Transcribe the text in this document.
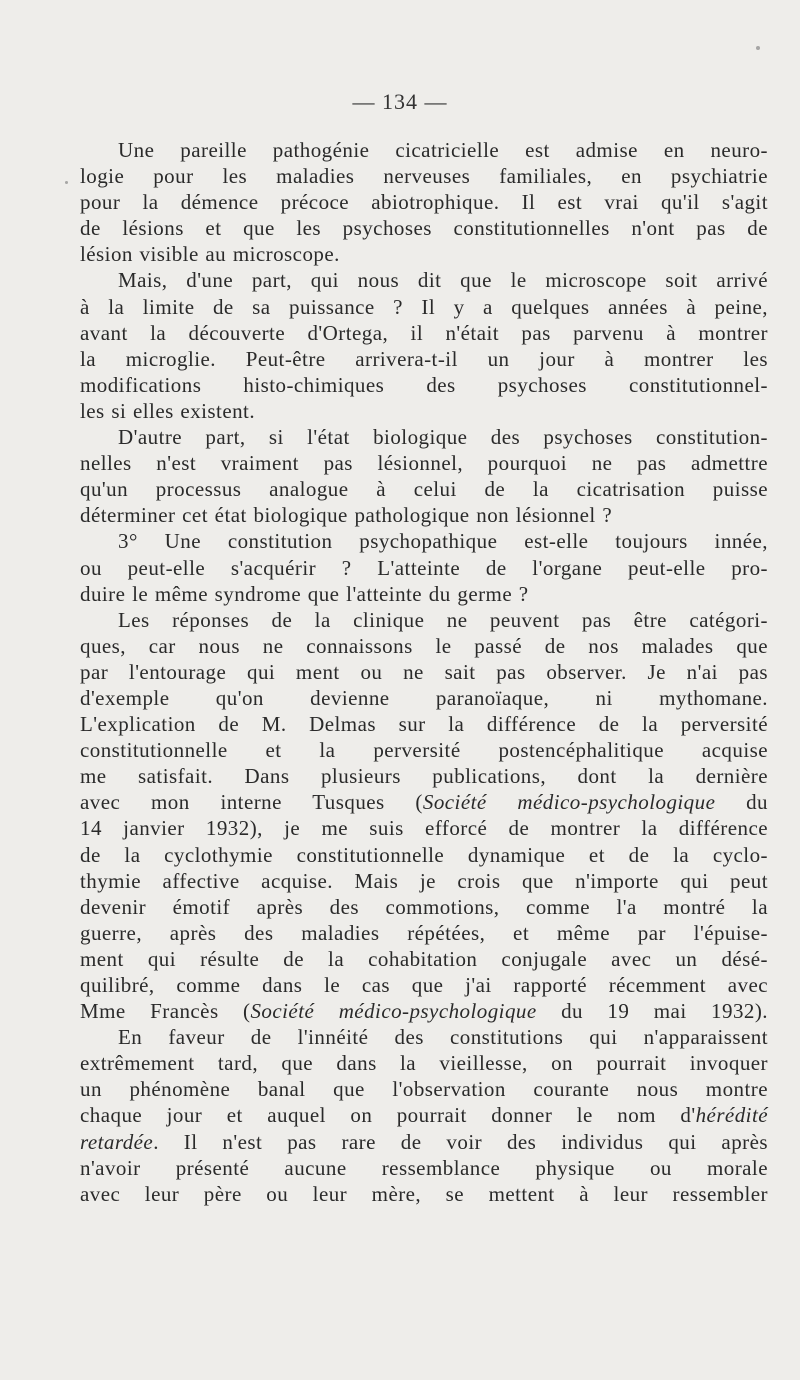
— 134 —
Une pareille pathogénie cicatricielle est admise en neuro-
logie pour les maladies nerveuses familiales, en psychiatrie
pour la démence précoce abiotrophique. Il est vrai qu'il s'agit
de lésions et que les psychoses constitutionnelles n'ont pas de
lésion visible au microscope.
Mais, d'une part, qui nous dit que le microscope soit arrivé
à la limite de sa puissance ? Il y a quelques années à peine,
avant la découverte d'Ortega, il n'était pas parvenu à montrer
la microglie. Peut-être arrivera-t-il un jour à montrer les
modifications histo-chimiques des psychoses constitutionnel-
les si elles existent.
D'autre part, si l'état biologique des psychoses constitution-
nelles n'est vraiment pas lésionnel, pourquoi ne pas admettre
qu'un processus analogue à celui de la cicatrisation puisse
déterminer cet état biologique pathologique non lésionnel ?
3° Une constitution psychopathique est-elle toujours innée,
ou peut-elle s'acquérir ? L'atteinte de l'organe peut-elle pro-
duire le même syndrome que l'atteinte du germe ?
Les réponses de la clinique ne peuvent pas être catégori-
ques, car nous ne connaissons le passé de nos malades que
par l'entourage qui ment ou ne sait pas observer. Je n'ai pas
d'exemple qu'on devienne paranoïaque, ni mythomane.
L'explication de M. Delmas sur la différence de la perversité
constitutionnelle et la perversité postencéphalitique acquise
me satisfait. Dans plusieurs publications, dont la dernière
avec mon interne Tusques (Société médico-psychologique du
14 janvier 1932), je me suis efforcé de montrer la différence
de la cyclothymie constitutionnelle dynamique et de la cyclo-
thymie affective acquise. Mais je crois que n'importe qui peut
devenir émotif après des commotions, comme l'a montré la
guerre, après des maladies répétées, et même par l'épuise-
ment qui résulte de la cohabitation conjugale avec un désé-
quilibré, comme dans le cas que j'ai rapporté récemment avec
Mme Francès (Société médico-psychologique du 19 mai 1932).
En faveur de l'innéité des constitutions qui n'apparaissent
extrêmement tard, que dans la vieillesse, on pourrait invoquer
un phénomène banal que l'observation courante nous montre
chaque jour et auquel on pourrait donner le nom d'hérédité
retardée. Il n'est pas rare de voir des individus qui après
n'avoir présenté aucune ressemblance physique ou morale
avec leur père ou leur mère, se mettent à leur ressembler
